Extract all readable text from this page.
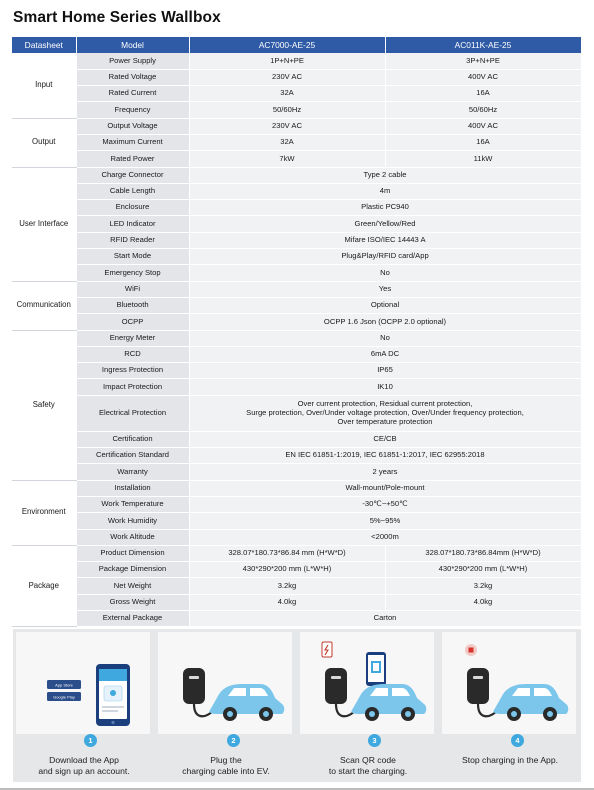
Smart Home Series Wallbox
Datasheet	Model	AC7000-AE-25	AC011K-AE-25
Input	Power Supply	1P+N+PE	3P+N+PE
	Rated Voltage	230V AC	400V AC
	Rated Current	32A	16A
	Frequency	50/60Hz	50/60Hz
Output	Output Voltage	230V AC	400V AC
	Maximum Current	32A	16A
	Rated Power	7kW	11kW
User Interface	Charge Connector	Type 2 cable	
	Cable Length	4m	
	Enclosure	Plastic PC940	
	LED Indicator	Green/Yellow/Red	
	RFID Reader	Mifare ISO/IEC 14443 A	
	Start Mode	Plug&Play/RFID card/App	
	Emergency Stop	No	
Communication	WiFi	Yes	
	Bluetooth	Optional	
	OCPP	OCPP 1.6 Json (OCPP 2.0 optional)	
Safety	Energy Meter	No	
	RCD	6mA DC	
	Ingress Protection	IP65	
	Impact Protection	IK10	
	Electrical Protection	Over current protection, Residual current protection,
Surge protection, Over/Under voltage protection, Over/Under frequency protection,
Over temperature protection	
	Certification	CE/CB	
	Certification Standard	EN IEC 61851-1:2019, IEC 61851-1:2017, IEC 62955:2018	
	Warranty	2 years	
Environment	Installation	Wall-mount/Pole-mount	
	Work Temperature	-30℃~+50℃	
	Work Humidity	5%~95%	
	Work Altitude	<2000m	
Package	Product Dimension	328.07*180.73*86.84 mm (H*W*D)	328.07*180.73*86.84mm (H*W*D)
	Package Dimension	430*290*200 mm (L*W*H)	430*290*200 mm (L*W*H)
	Net Weight	3.2kg	3.2kg
	Gross Weight	4.0kg	4.0kg
	External Package	Carton	
App Store
Google Play
1
Download the App
and sign up an account.
2
Plug the
charging cable into EV.
3
Scan QR code
to start the charging.
4
Stop charging in the App.
